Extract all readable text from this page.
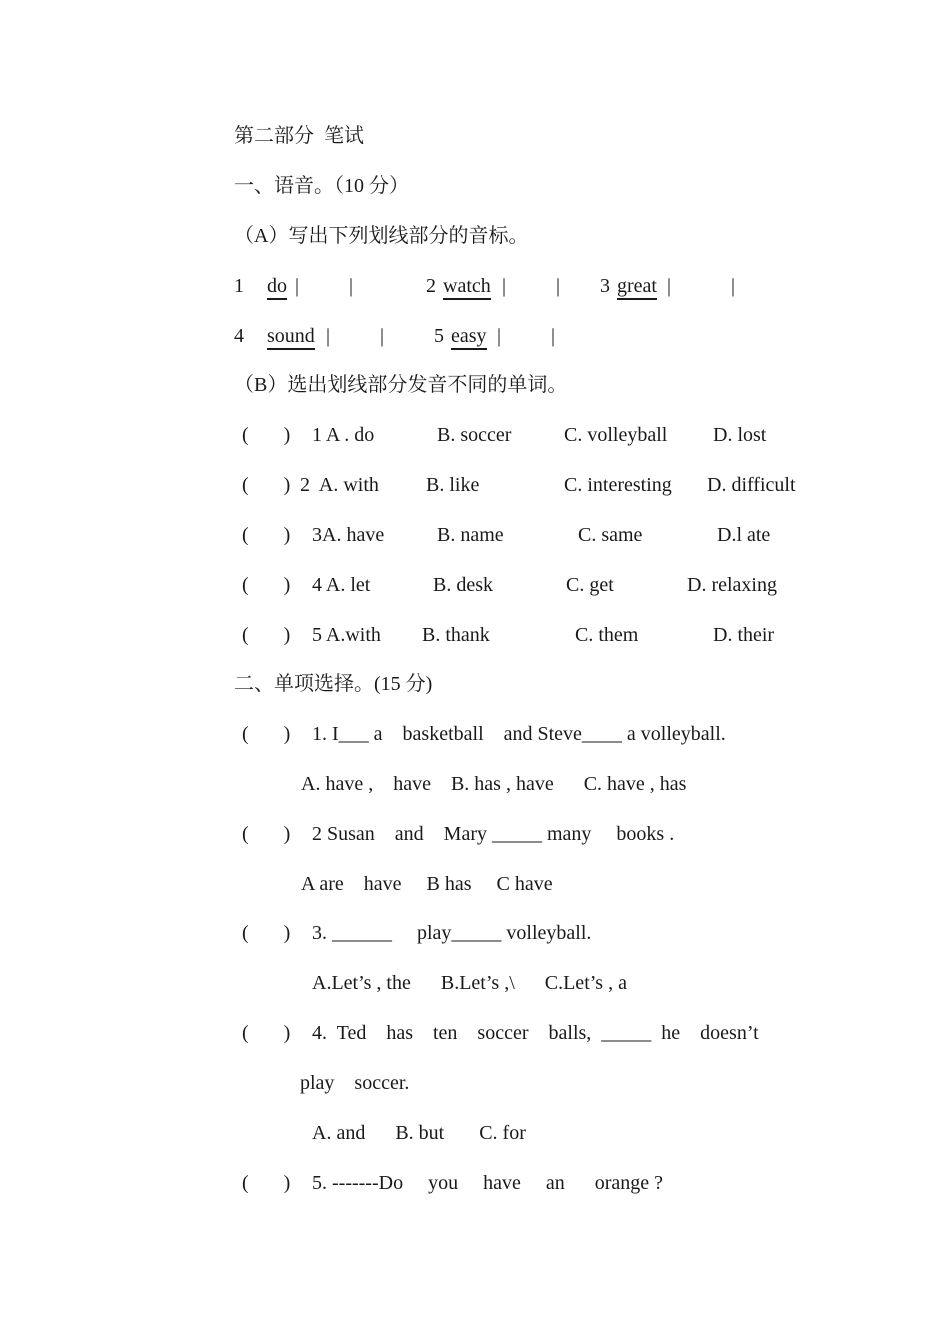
第二部分  笔试
一、语音。（10 分）
（A）写出下列划线部分的音标。

1

do

|          |

	2

watch

|          |

3

great

|            |

4

sound

|          |

5

easy

|          |

（B）选出划线部分发音不同的单词。

(       )

1 A . do

	B. soccer

	C. volleyball

D. lost

(       )

2  A. with

B. like

	C. interesting

D. difficult

(       )

3A. have

	B. name

	C. same

	D.l ate

(       )

4 A. let

	B. desk

	C. get

	D. relaxing

(       )

5 A.with

B. thank

	C. them

	D. their

二、单项选择。(15 分)

(       )

1. I___ a    basketball    and Steve____ a volleyball.

A. have ,    have    B. has , have      C. have , has

(       )

2 Susan    and    Mary _____ many     books .

A are    have     B has     C have

(       )

3. ______     play_____ volleyball.

A.Let’s , the      B.Let’s ,\      C.Let’s , a

(       )

4.  Ted    has    ten    soccer    balls,  _____  he    doesn’t

play    soccer.
A. and      B. but       C. for

(       )

5. -------Do     you     have     an      orange ?
